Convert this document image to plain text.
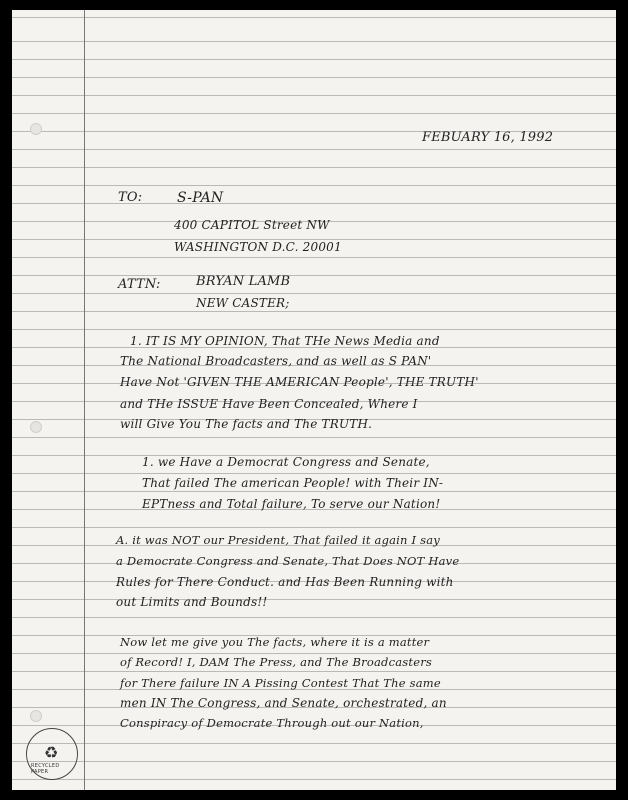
FEBUARY 16, 1992

TO: S-PAN

400 CAPITOL Street NW

WASHINGTON D.C. 20001

ATTN:	BRYAN LAMB

NEW CASTER;

1. IT IS MY OPINION, That THe News Media and

The National Broadcasters, and as well as S PAN'

Have Not 'GIVEN THE AMERICAN People', THE TRUTH'

and THe ISSUE Have Been Concealed, Where I

will Give You The facts and The TRUTH.

1. we Have a Democrat Congress and Senate,

That failed The american People! with Their IN-

EPTness and Total failure, To serve our Nation!

A. it was NOT our President, That failed it again I say

a Democrate Congress and Senate, That Does NOT Have

Rules for There Conduct. and Has Been Running with

out Limits and Bounds!!

Now let me give you The facts, where it is a matter

of Record! I, DAM The Press, and The Broadcasters

for There failure IN A Pissing Contest That The same

men IN The Congress, and Senate, orchestrated, an

Conspiracy of Democrate Through out our Nation,

♻
RECYCLED PAPER
